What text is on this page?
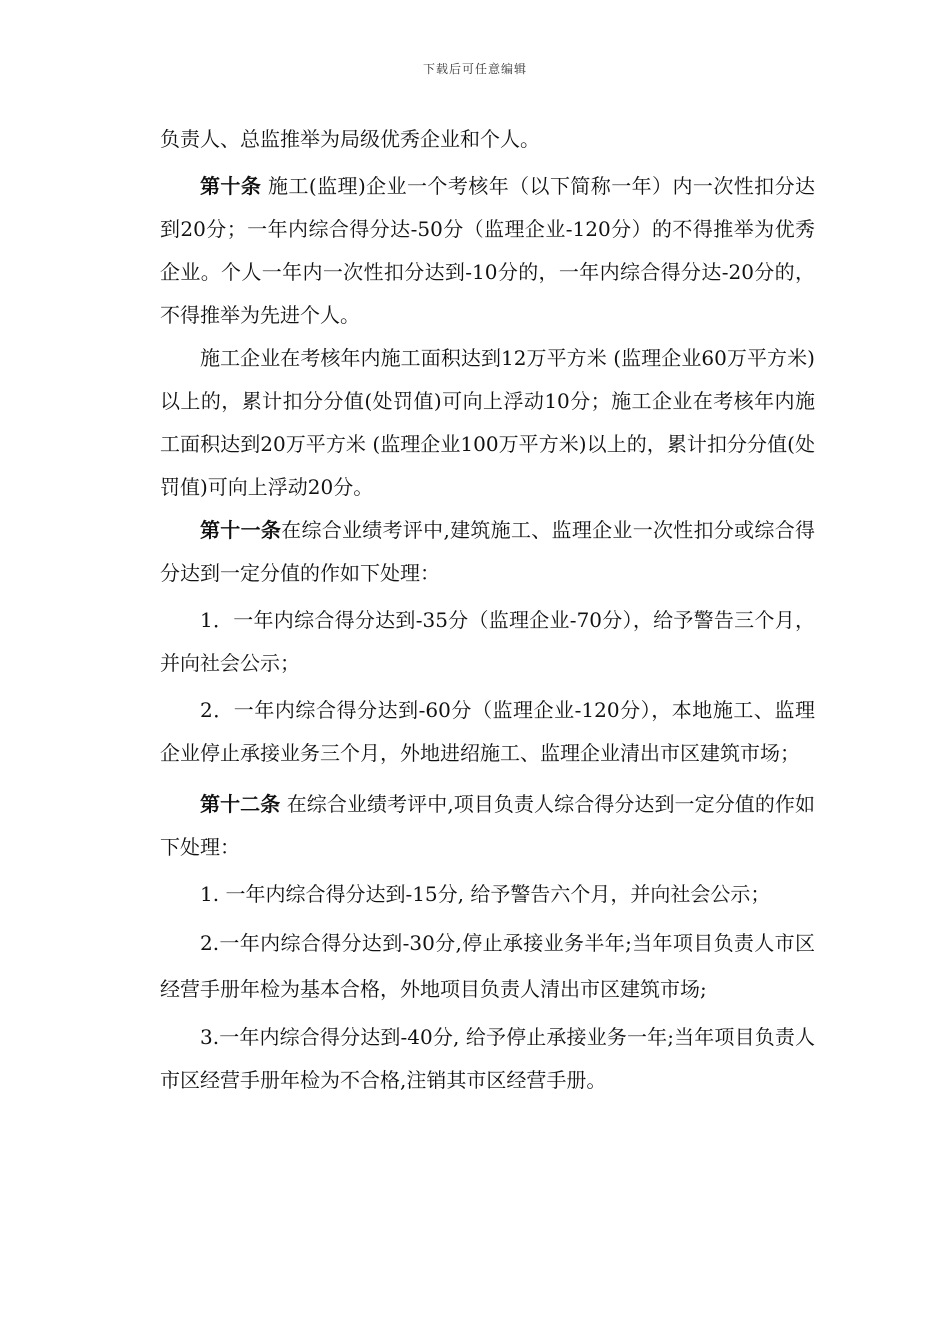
下载后可任意编辑

负责人、总监推举为局级优秀企业和个人。

第十条 施工(监理)企业一个考核年（以下简称一年）内一次性扣分达到20分；一年内综合得分达-50分（监理企业-120分）的不得推举为优秀企业。个人一年内一次性扣分达到-10分的，一年内综合得分达-20分的，不得推举为先进个人。

施工企业在考核年内施工面积达到12万平方米 (监理企业60万平方米)以上的，累计扣分分值(处罚值)可向上浮动10分；施工企业在考核年内施工面积达到20万平方米 (监理企业100万平方米)以上的，累计扣分分值(处罚值)可向上浮动20分。

第十一条在综合业绩考评中,建筑施工、监理企业一次性扣分或综合得分达到一定分值的作如下处理：

1．一年内综合得分达到-35分（监理企业-70分），给予警告三个月，并向社会公示；

2．一年内综合得分达到-60分（监理企业-120分），本地施工、监理企业停止承接业务三个月，外地进绍施工、监理企业清出市区建筑市场；

第十二条 在综合业绩考评中,项目负责人综合得分达到一定分值的作如下处理：

1. 一年内综合得分达到-15分, 给予警告六个月，并向社会公示；

2.一年内综合得分达到-30分,停止承接业务半年;当年项目负责人市区经营手册年检为基本合格，外地项目负责人清出市区建筑市场;

3.一年内综合得分达到-40分, 给予停止承接业务一年;当年项目负责人市区经营手册年检为不合格,注销其市区经营手册。
